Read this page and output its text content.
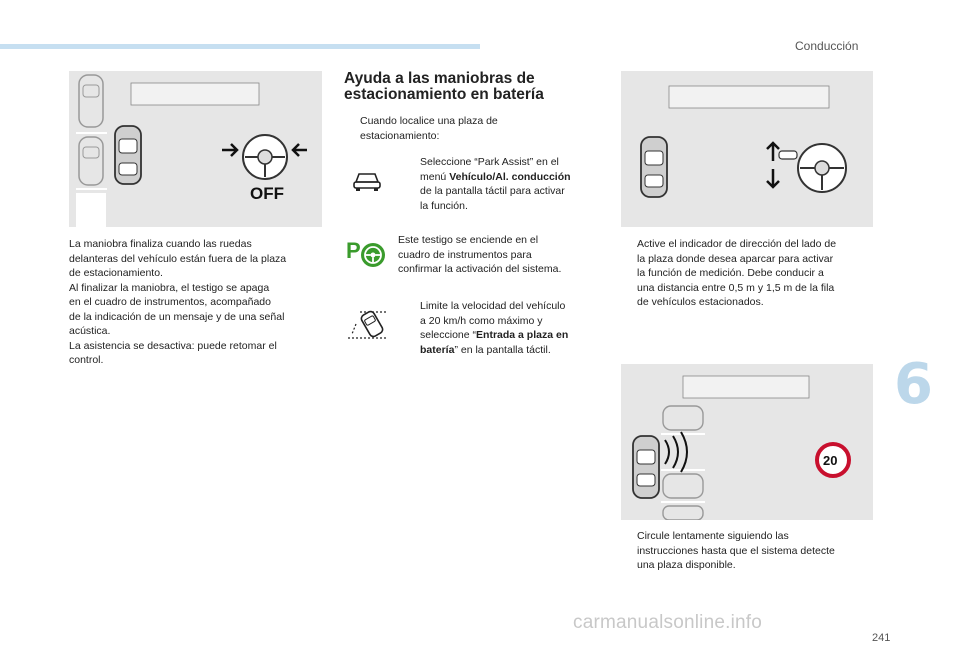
Conducción
OFF
La maniobra finaliza cuando las ruedas
delanteras del vehículo están fuera de la plaza
de estacionamiento.
Al finalizar la maniobra, el testigo se apaga
en el cuadro de instrumentos, acompañado
de la indicación de un mensaje y de una señal
acústica.
La asistencia se desactiva: puede retomar el
control.
Ayuda a las maniobras de
estacionamiento en batería
Cuando localice una plaza de
estacionamiento:
Seleccione “Park Assist” en el
menú Vehículo/Al. conducción
de la pantalla táctil para activar
la función.
P	Este testigo se enciende en el
cuadro de instrumentos para
confirmar la activación del sistema.
Limite la velocidad del vehículo
a 20 km/h como máximo y
seleccione “Entrada a plaza en
batería” en la pantalla táctil.
Active el indicador de dirección del lado de
la plaza donde desea aparcar para activar
la función de medición. Debe conducir a
una distancia entre 0,5 m y 1,5 m de la fila
de vehículos estacionados.
20
Circule lentamente siguiendo las
instrucciones hasta que el sistema detecte
una plaza disponible.
6
241
carmanualsonline.info
